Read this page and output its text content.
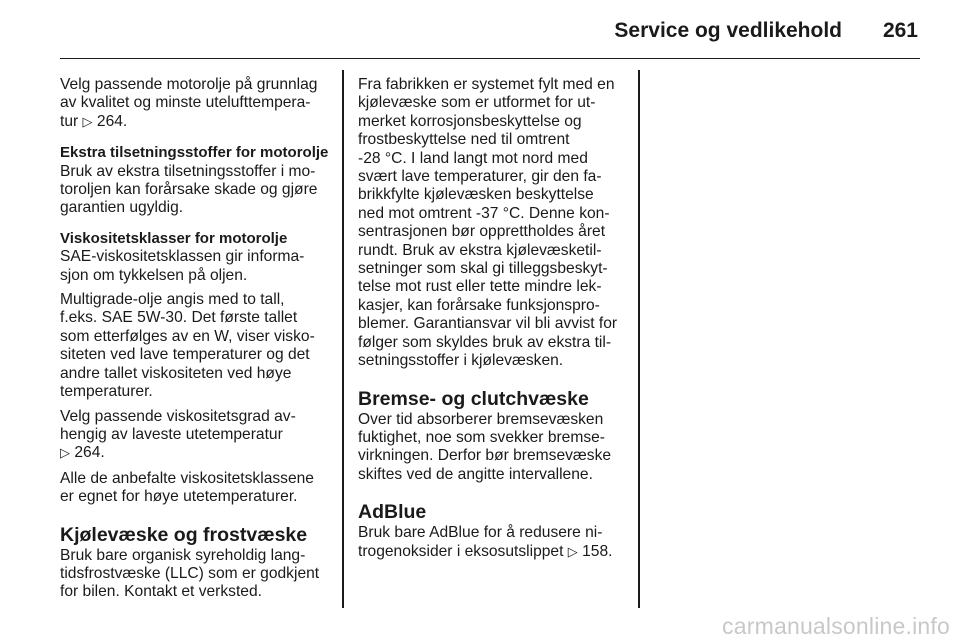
Service og vedlikehold 261

Velg passende motorolje på grunnlag
av kvalitet og minste utelufttempera-
tur ▷ 264.

Ekstra tilsetningsstoffer for motorolje

Bruk av ekstra tilsetningsstoffer i mo-
toroljen kan forårsake skade og gjøre
garantien ugyldig.

Viskositetsklasser for motorolje

SAE-viskositetsklassen gir informa-
sjon om tykkelsen på oljen.

Multigrade-olje angis med to tall,
f.eks. SAE 5W-30. Det første tallet
som etterfølges av en W, viser visko-
siteten ved lave temperaturer og det
andre tallet viskositeten ved høye
temperaturer.

Velg passende viskositetsgrad av-
hengig av laveste utetemperatur
▷ 264.

Alle de anbefalte viskositetsklassene
er egnet for høye utetemperaturer.

Kjølevæske og frostvæske

Bruk bare organisk syreholdig lang-
tidsfrostvæske (LLC) som er godkjent
for bilen. Kontakt et verksted.

Fra fabrikken er systemet fylt med en
kjølevæske som er utformet for ut-
merket korrosjonsbeskyttelse og
frostbeskyttelse ned til omtrent
-28 °C. I land langt mot nord med
svært lave temperaturer, gir den fa-
brikkfylte kjølevæsken beskyttelse
ned mot omtrent -37 °C. Denne kon-
sentrasjonen bør opprettholdes året
rundt. Bruk av ekstra kjølevæsketil-
setninger som skal gi tilleggsbeskyt-
telse mot rust eller tette mindre lek-
kasjer, kan forårsake funksjonspro-
blemer. Garantiansvar vil bli avvist for
følger som skyldes bruk av ekstra til-
setningsstoffer i kjølevæsken.

Bremse- og clutchvæske

Over tid absorberer bremsevæsken
fuktighet, noe som svekker bremse-
virkningen. Derfor bør bremsevæske
skiftes ved de angitte intervallene.

AdBlue

Bruk bare AdBlue for å redusere ni-
trogenoksider i eksosutslippet ▷ 158.

carmanualsonline.info
